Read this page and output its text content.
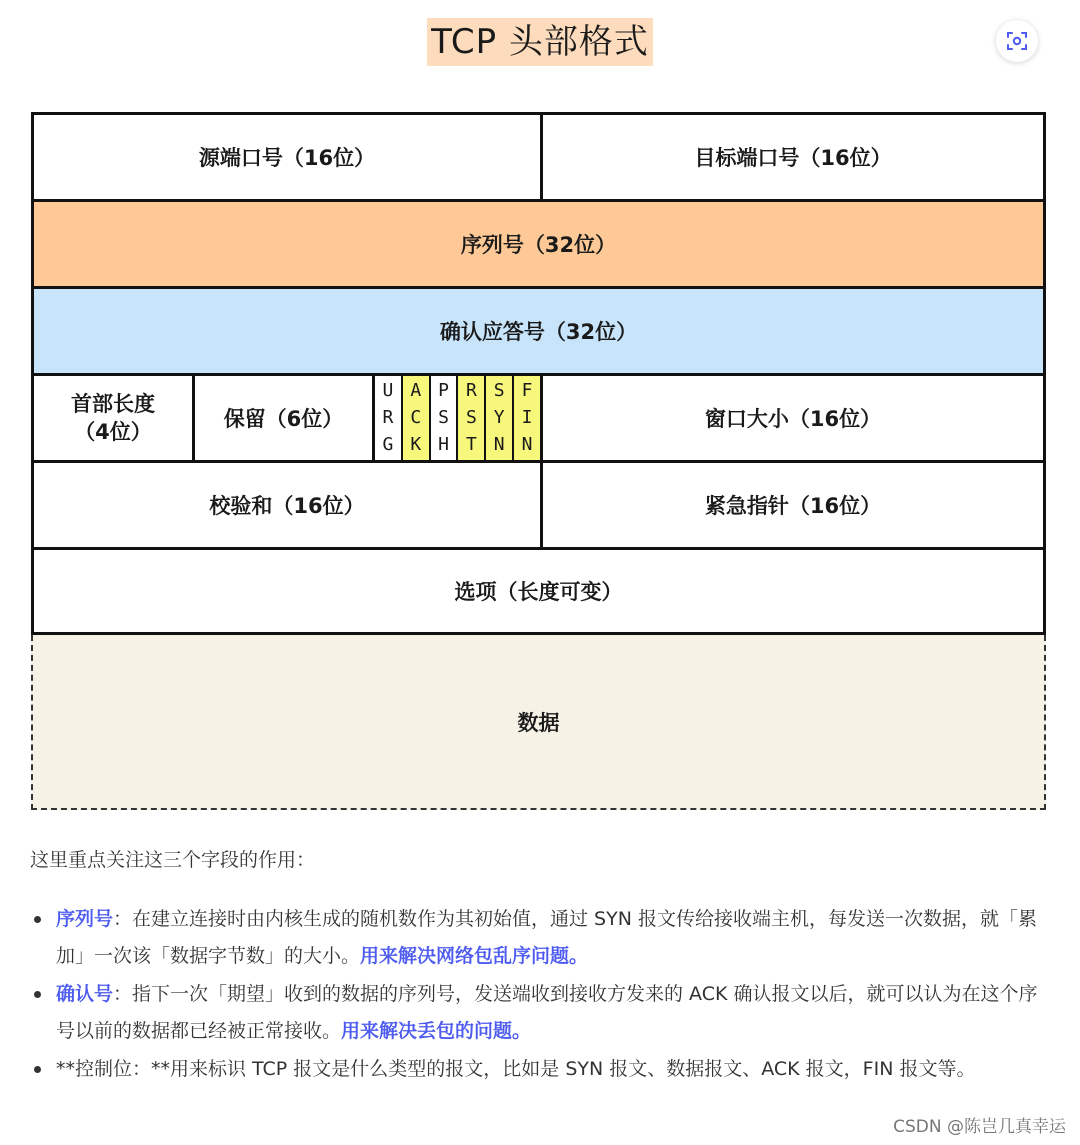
TCP 头部格式
源端口号（16位）	目标端口号（16位）
序列号（32位）
确认应答号（32位）
首部长度
（4位）
保留（6位）
U
R
G
A
C
K
P
S
H
R
S
T
S
Y
N
F
I
N
窗口大小（16位）
校验和（16位）	紧急指针（16位）
选项（长度可变）
数据

这里重点关注这三个字段的作用：

序列号：在建立连接时由内核生成的随机数作为其初始值，通过 SYN 报文传给接收端主机，每发送一次数据，就「累加」一次该「数据字节数」的大小。用来解决网络包乱序问题。
确认号：指下一次「期望」收到的数据的序列号，发送端收到接收方发来的 ACK 确认报文以后，就可以认为在这个序号以前的数据都已经被正常接收。用来解决丢包的问题。
**控制位：**用来标识 TCP 报文是什么类型的报文，比如是 SYN 报文、数据报文、ACK 报文，FIN 报文等。
CSDN @陈岂几真幸运
